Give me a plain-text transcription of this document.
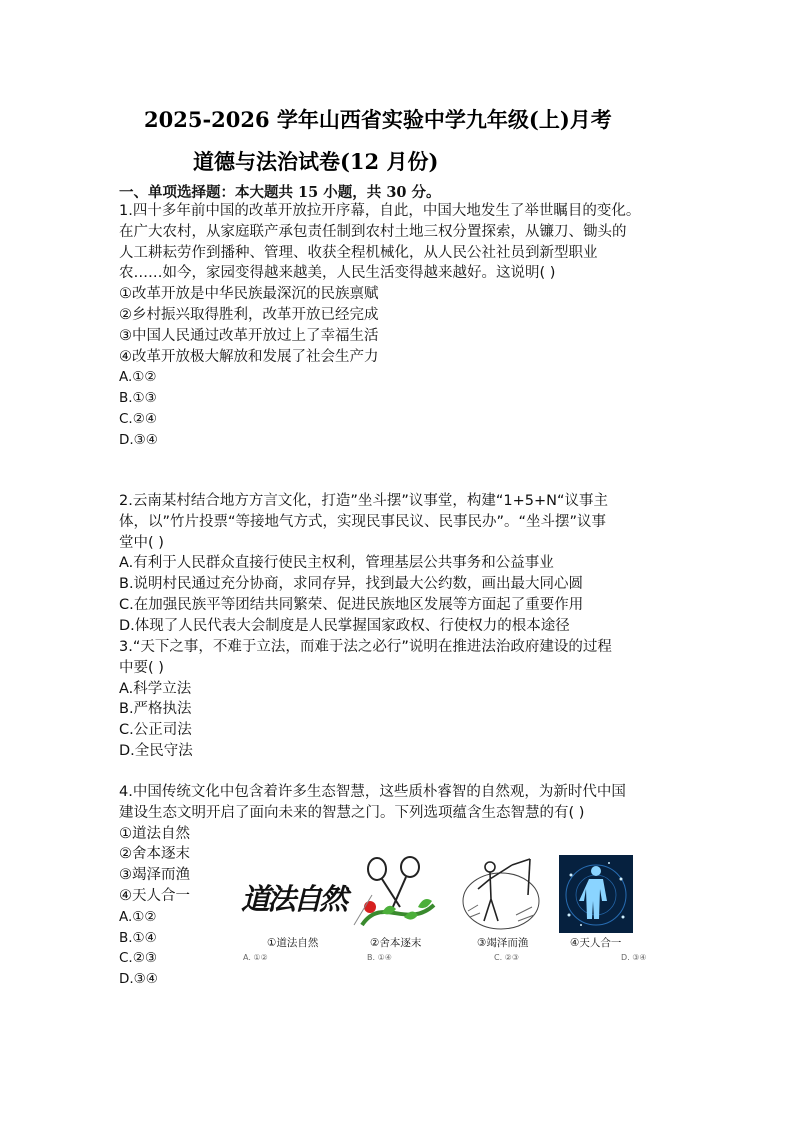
2025-2026 学年山西省实验中学九年级(上)月考
道德与法治试卷(12 月份)
一、单项选择题：本大题共 15 小题，共 30 分。

1.四十多年前中国的改革开放拉开序幕，自此，中国大地发生了举世瞩目的变化。

在广大农村，从家庭联产承包责任制到农村土地三权分置探索，从镰刀、锄头的

人工耕耘劳作到播种、管理、收获全程机械化，从人民公社社员到新型职业

农……如今，家园变得越来越美，人民生活变得越来越好。这说明( )

①改革开放是中华民族最深沉的民族禀赋

②乡村振兴取得胜利，改革开放已经完成

③中国人民通过改革开放过上了幸福生活

④改革开放极大解放和发展了社会生产力

A.①②

B.①③

C.②④

D.③④

2.云南某村结合地方方言文化，打造”坐斗摆”议事堂，构建“1+5+N“议事主

体，以”竹片投票“等接地气方式，实现民事民议、民事民办”。“坐斗摆”议事

堂中( )

A.有利于人民群众直接行使民主权利，管理基层公共事务和公益事业

B.说明村民通过充分协商，求同存异，找到最大公约数，画出最大同心圆

C.在加强民族平等团结共同繁荣、促进民族地区发展等方面起了重要作用

D.体现了人民代表大会制度是人民掌握国家政权、行使权力的根本途径

3.“天下之事，不难于立法，而难于法之必行”说明在推进法治政府建设的过程

中要( )

A.科学立法

B.严格执法

C.公正司法

D.全民守法

4.中国传统文化中包含着许多生态智慧，这些质朴睿智的自然观，为新时代中国

建设生态文明开启了面向未来的智慧之门。下列选项蕴含生态智慧的有( )

①道法自然

②舍本逐末

③竭泽而渔

④天人合一

A.①②

B.①④

C.②③

D.③④

道法自然
①道法自然	②舍本逐末	③竭泽而渔	④天人合一
A. ①②	B. ①④	C. ②③	D. ③④
